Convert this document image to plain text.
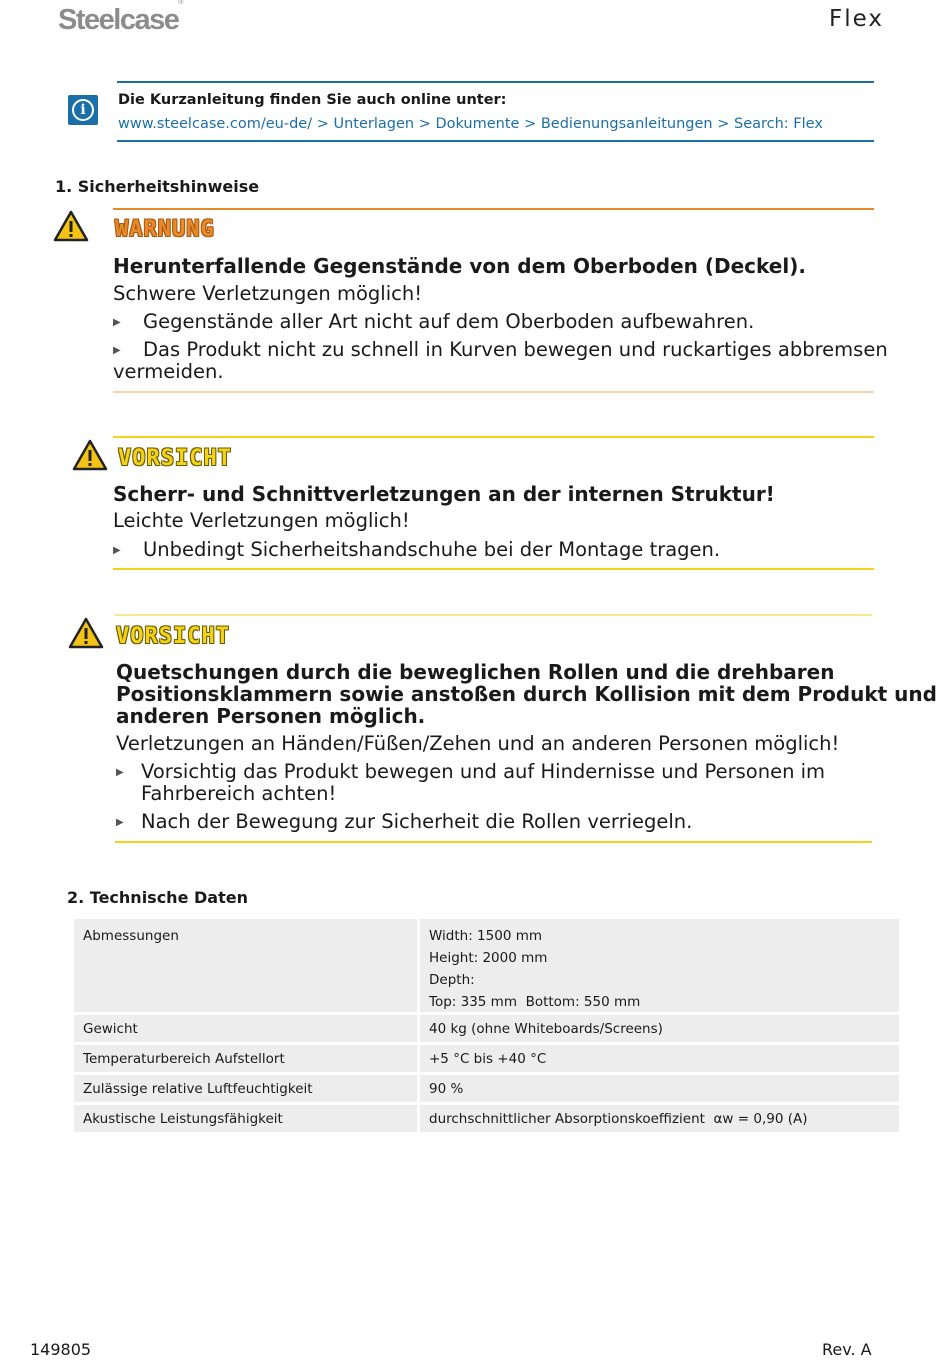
Steelcase®
Flex
i
Die Kurzanleitung finden Sie auch online unter:
www.steelcase.com/eu-de/ > Unterlagen > Dokumente > Bedienungsanleitungen > Search: Flex
1. Sicherheitshinweise
WARNUNG
Herunterfallende Gegenstände von dem Oberboden (Deckel).
Schwere Verletzungen möglich!
▶ Gegenstände aller Art nicht auf dem Oberboden aufbewahren.
▶ Das Produkt nicht zu schnell in Kurven bewegen und ruckartiges abbremsen
vermeiden.
VORSICHT
Scherr- und Schnittverletzungen an der internen Struktur!
Leichte Verletzungen möglich!
▶ Unbedingt Sicherheitshandschuhe bei der Montage tragen.
VORSICHT
Quetschungen durch die beweglichen Rollen und die drehbaren
Positionsklammern sowie anstoßen durch Kollision mit dem Produkt und
anderen Personen möglich.
Verletzungen an Händen/Füßen/Zehen und an anderen Personen möglich!
▶ Vorsichtig das Produkt bewegen und auf Hindernisse und Personen im
Fahrbereich achten!
▶ Nach der Bewegung zur Sicherheit die Rollen verriegeln.
2. Technische Daten
Abmessungen	Width: 1500 mm
Height: 2000 mm
Depth:
Top: 335 mm  Bottom: 550 mm
Gewicht	40 kg (ohne Whiteboards/Screens)
Temperaturbereich Aufstellort	+5 °C bis +40 °C
Zulässige relative Luftfeuchtigkeit	90 %
Akustische Leistungsfähigkeit	durchschnittlicher Absorptionskoeffizient  αw = 0,90 (A)
149805	Rev. A
